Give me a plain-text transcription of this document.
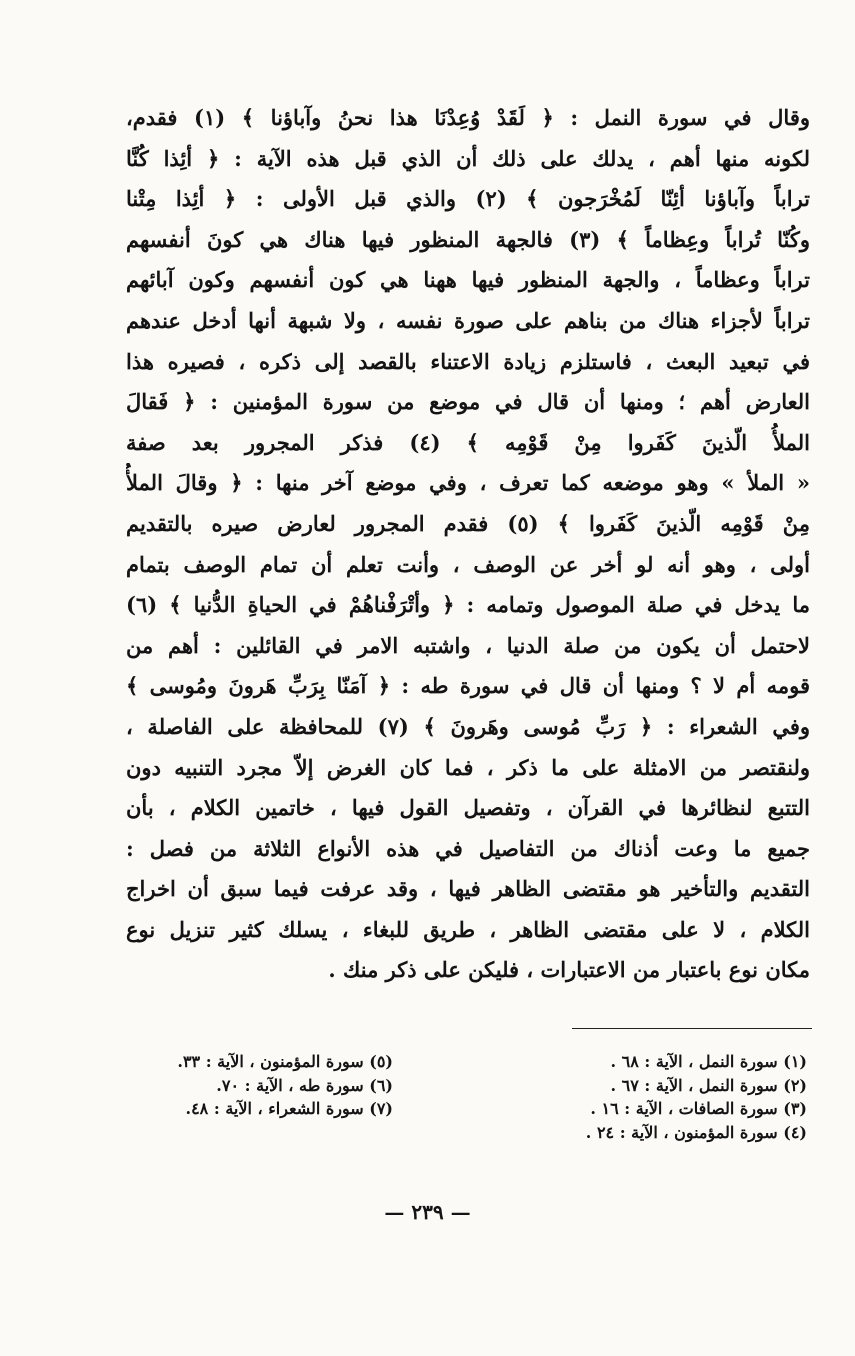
وقال في سورة النمل : ﴿ لَقَدْ وُعِدْنَا هذا نحنُ وآباؤنا ﴾ (١) فقدم،
لكونه منها أهم ، يدلك على ذلك أن الذي قبل هذه الآية : ﴿ أئِذا كُنَّا
تراباً وآباؤنا أئِنّا لَمُخْرَجون ﴾ (٢) والذي قبل الأولى : ﴿ أئِذا مِتْنا
وكُنّا تُراباً وعِظاماً ﴾ (٣) فالجهة المنظور فيها هناك هي كونَ أنفسهم
تراباً وعظاماً ، والجهة المنظور فيها ههنا هي كون أنفسهم وكون آبائهم
تراباً لأجزاء هناك من بناهم على صورة نفسه ، ولا شبهة أنها أدخل عندهم
في تبعيد البعث ، فاستلزم زيادة الاعتناء بالقصد إلى ذكره ، فصيره هذا
العارض أهم ؛ ومنها أن قال في موضع من سورة المؤمنين : ﴿ فَقالَ
الملأُ الّذينَ كَفَروا مِنْ قَوْمِه ﴾ (٤) فذكر المجرور بعد صفة
« الملأ » وهو موضعه كما تعرف ، وفي موضع آخر منها : ﴿ وقالَ الملأُ
مِنْ قَوْمِه الّذينَ كَفَروا ﴾ (٥) فقدم المجرور لعارض صيره بالتقديم
أولى ، وهو أنه لو أخر عن الوصف ، وأنت تعلم أن تمام الوصف بتمام
ما يدخل في صلة الموصول وتمامه : ﴿ وأتْرَفْناهُمْ في الحياةِ الدُّنيا ﴾ (٦)
لاحتمل أن يكون من صلة الدنيا ، واشتبه الامر في القائلين : أهم من
قومه أم لا ؟ ومنها أن قال في سورة طه : ﴿ آمَنّا بِرَبِّ هَرونَ ومُوسى ﴾
وفي الشعراء : ﴿ رَبِّ مُوسى وهَرونَ ﴾ (٧) للمحافظة على الفاصلة ،
ولنقتصر من الامثلة على ما ذكر ، فما كان الغرض إلاّ مجرد التنبيه دون
التتبع لنظائرها في القرآن ، وتفصيل القول فيها ، خاتمين الكلام ، بأن
جميع ما وعت أذناك من التفاصيل في هذه الأنواع الثلاثة من فصل :
التقديم والتأخير هو مقتضى الظاهر فيها ، وقد عرفت فيما سبق أن اخراج
الكلام ، لا على مقتضى الظاهر ، طريق للبغاء ، يسلك كثير تنزيل نوع
مكان نوع باعتبار من الاعتبارات ، فليكن على ذكر منك .
(١) سورة النمل ، الآية : ٦٨ .
(٢) سورة النمل ، الآية : ٦٧ .
(٣) سورة الصافات ، الآية : ١٦ .
(٤) سورة المؤمنون ، الآية : ٢٤ .
(٥) سورة المؤمنون ، الآية : ٣٣.
(٦) سورة طه ، الآية : ٧٠.
(٧) سورة الشعراء ، الآية : ٤٨.
— ٢٣٩ —
